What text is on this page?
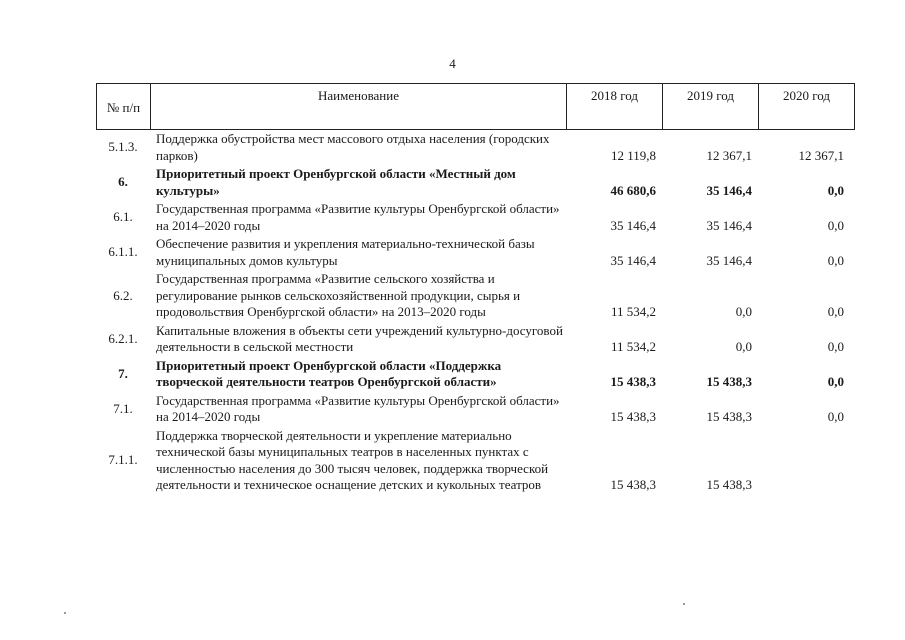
4
№ п/п	Наименование	2018 год	2019 год	2020 год
5.1.3.	Поддержка обустройства мест массового отдыха населения (городских парков)	12 119,8	12 367,1	12 367,1
6.	Приоритетный проект Оренбургской области «Местный дом культуры»	46 680,6	35 146,4	0,0
6.1.	Государственная программа «Развитие культуры Оренбургской области» на 2014–2020 годы	35 146,4	35 146,4	0,0
6.1.1.	Обеспечение развития и укрепления материально-технической базы муниципальных домов культуры	35 146,4	35 146,4	0,0
6.2.	Государственная программа «Развитие сельского хозяйства и регулирование рынков сельскохозяйственной продукции, сырья и продовольствия Оренбургской области» на 2013–2020 годы	11 534,2	0,0	0,0
6.2.1.	Капитальные вложения в объекты сети учреждений культурно-досуговой деятельности в сельской местности	11 534,2	0,0	0,0
7.	Приоритетный проект Оренбургской области «Поддержка творческой деятельности театров Оренбургской области»	15 438,3	15 438,3	0,0
7.1.	Государственная программа «Развитие культуры Оренбургской области» на 2014–2020 годы	15 438,3	15 438,3	0,0
7.1.1.	Поддержка творческой деятельности и укрепление материально технической базы муниципальных театров в населенных пунктах с численностью населения до 300 тысяч человек, поддержка творческой деятельности и техническое оснащение детских и кукольных театров	15 438,3	15 438,3	
